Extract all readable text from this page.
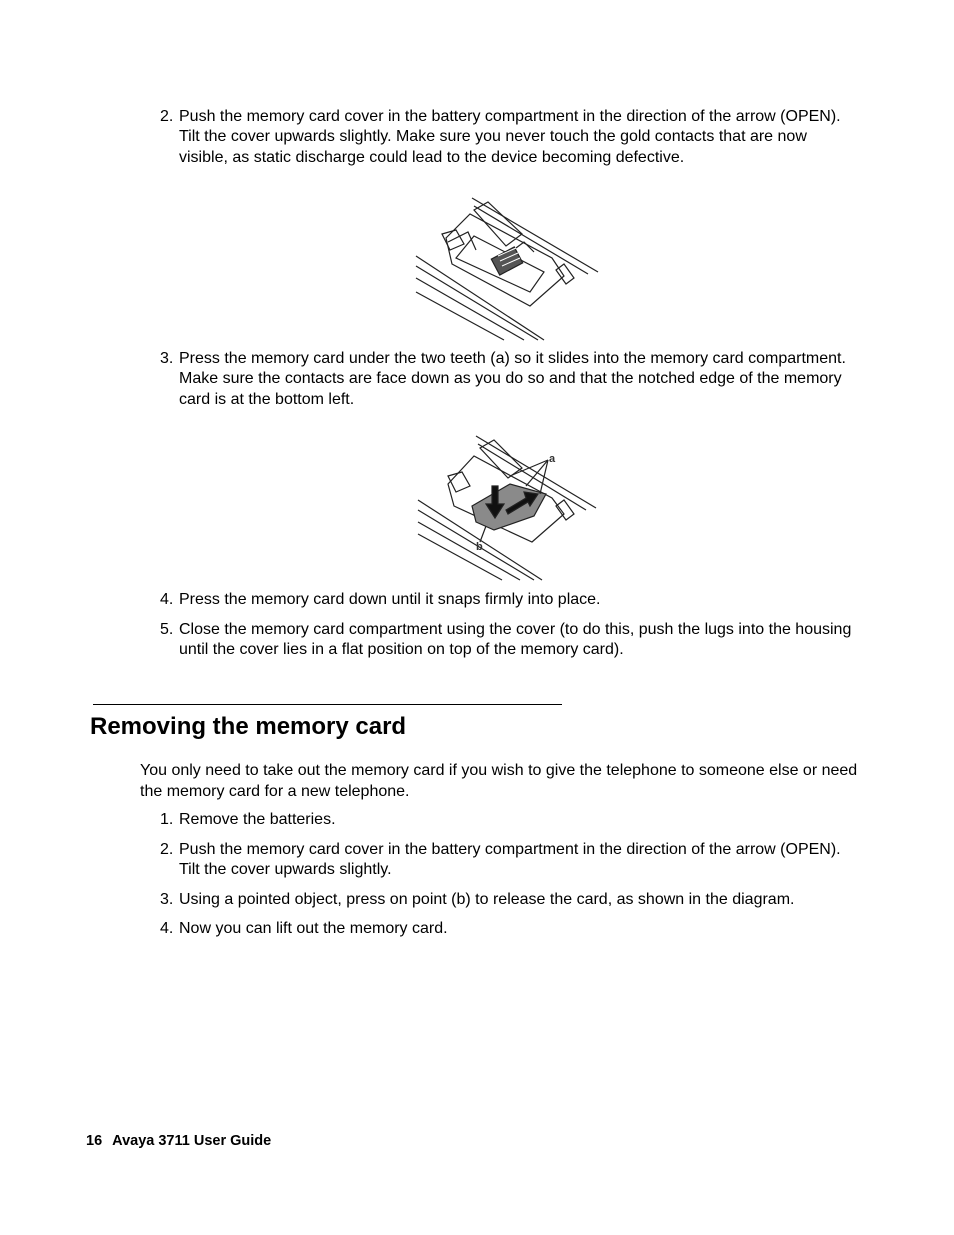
2. Push the memory card cover in the battery compartment in the direction of the arrow (OPEN). Tilt the cover upwards slightly. Make sure you never touch the gold contacts that are now visible, as static discharge could lead to the device becoming defective.
3. Press the memory card under the two teeth (a) so it slides into the memory card compartment. Make sure the contacts are face down as you do so and that the notched edge of the memory card is at the bottom left.
a
b
4. Press the memory card down until it snaps firmly into place.
5. Close the memory card compartment using the cover (to do this, push the lugs into the housing until the cover lies in a flat position on top of the memory card).
Removing the memory card
You only need to take out the memory card if you wish to give the telephone to someone else or need the memory card for a new telephone.
1. Remove the batteries.
2. Push the memory card cover in the battery compartment in the direction of the arrow (OPEN). Tilt the cover upwards slightly.
3. Using a pointed object, press on point (b) to release the card, as shown in the diagram.
4. Now you can lift out the memory card.
16 Avaya 3711 User Guide
